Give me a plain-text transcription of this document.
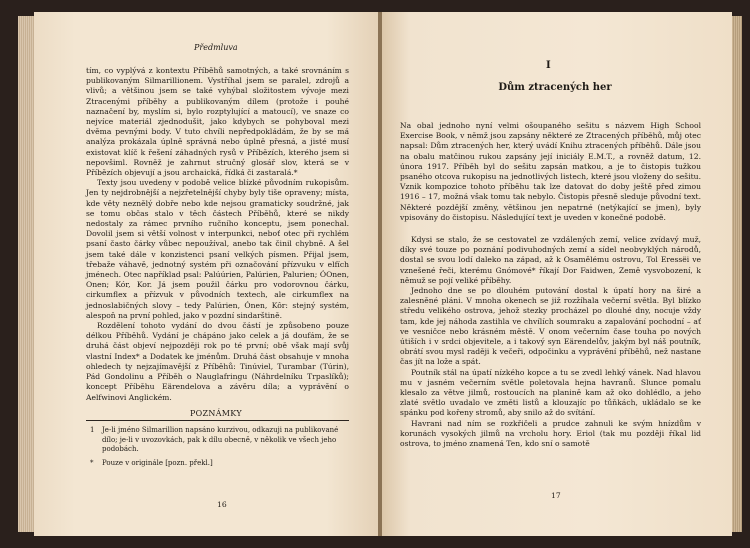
Předmluva

tím, co vyplývá z kontextu Příběhů samotných, a také srovnáním s publikovaným Silmarillionem. Vystříhal jsem se paralel, zdrojů a vlivů; a většinou jsem se také vyhýbal složitostem vývoje mezi Ztracenými příběhy a publikovaným dílem (protože i pouhé naznačení by, myslím si, bylo rozptylující a matoucí), ve snaze co nejvíce materiál zjednodušit, jako kdybych se pohyboval mezi dvěma pevnými body. V tuto chvíli nepředpokládám, že by se má analýza prokázala úplně správná nebo úplně přesná, a jisté musí existovat klíč k řešení záhadných rysů v Příbězích, kterého jsem si nepovšiml. Rovněž je zahrnut stručný glosář slov, která se v Příbězích objevují a jsou archaická, řídká či zastaralá.*

Texty jsou uvedeny v podobě velice blízké původním rukopisům. Jen ty nejdrobnější a nejzřetelnější chyby byly tiše opraveny; místa, kde věty neznělý dobře nebo kde nejsou gramaticky soudržné, jak se tomu občas stalo v těch částech Příběhů, které se nikdy nedostaly za rámec prvního ručního konceptu, jsem ponechal. Dovolil jsem si větší volnost v interpunkci, neboť otec při rychlém psaní často čárky vůbec nepoužíval, anebo tak činil chybně. A šel jsem také dále v konzistenci psaní velkých písmen. Přijal jsem, třebaže váhavě, jednotný systém při označování přízvuku v elfích jménech. Otec například psal: Palúúrien, Palúrien, Palurien; ÓOnen, Onen; Kór, Kor. Já jsem použil čárku pro vodorovnou čárku, cirkumflex a přízvuk v původních textech, ale cirkumflex na jednoslabičných slovy – tedy Palúrien, Ónen, Kôr: stejný systém, alespoň na první pohled, jako v pozdní sindarštině.

Rozdělení tohoto vydání do dvou částí je způsobeno pouze délkou Příběhů. Vydání je chápáno jako celek a já doufám, že se druhá část objeví nejpozději rok po té první; obě však mají svůj vlastní Index* a Dodatek ke jménům. Druhá část obsahuje v mnoha ohledech ty nejzajímavější z Příběhů: Tinúviel, Turambar (Túrin), Pád Gondolinu a Příběh o Nauglafringu (Náhrdelníku Trpaslíků); koncept Příběhu Eärendelova a závěru díla; a vyprávění o Aelfwinovi Anglickém.

POZNÁMKY
1 Je-li jméno Silmarillion napsáno kurzivou, odkazuji na publikované dílo; je-li v uvozovkách, pak k dílu obecně, v několik ve všech jeho podobách.
* Pouze v originále [pozn. překl.]
16
I
Dům ztracených her

Na obal jednoho nyní velmi ošoupaného sešitu s názvem High School Exercise Book, v němž jsou zapsány některé ze Ztracených příběhů, můj otec napsal: Dům ztracených her, který uvádí Knihu ztracených příběhů. Dále jsou na obalu matčinou rukou zapsány její iniciály E.M.T., a rovněž datum, 12. února 1917. Příběh byl do sešitu zapsán matkou, a je to čistopis tužkou psaného otcova rukopisu na jednotlivých listech, které jsou vloženy do sešitu. Vznik kompozice tohoto příběhu tak lze datovat do doby ještě před zimou 1916 – 17, možná však tomu tak nebylo. Čistopis přesně sleduje původní text. Některé pozdější změny, většinou jen nepatrné (netýkající se jmen), byly vpisovány do čistopisu. Následující text je uveden v konečné podobě.

Kdysi se stalo, že se cestovatel ze vzdálených zemí, velice zvídavý muž, díky své touze po poznání podivuhodných zemí a sídel neobvyklých národů, dostal se svou lodí daleko na západ, až k Osamělému ostrovu, Tol Eressëi ve vznešené řeči, kterému Gnómové* říkají Dor Faidwen, Země vysvobození, k němuž se pojí veliké příběhy.

Jednoho dne se po dlouhém putování dostal k úpatí hory na širé a zalesněné pláni. V mnoha okenech se již rozžíhala večerní světla. Byl blízko středu velikého ostrova, jehož stezky procházel po dlouhé dny, nocuje vždy tam, kde jej náhoda zastihla ve chvílích soumraku a zapalování pochodní – ať ve vesničce nebo krásném městě. V onom večerním čase touha po nových útiších i v srdci objevitele, a i takový syn Eärendelův, jakým byl náš poutník, obrátí svou mysl raději k večeři, odpočinku a vyprávění příběhů, než nastane čas jít na lože a spát.

Poutník stál na úpatí nízkého kopce a tu se zvedl lehký vánek. Nad hlavou mu v jasném večerním světle poletovala hejna havranů. Slunce pomalu klesalo za větve jilmů, rostoucích na planině kam až oko dohlédlo, a jeho zlaté světlo uvadalo ve změti listů a klouzajíc po tůňkách, ukládalo se ke spánku pod kořeny stromů, aby snilo až do svítání.

Havrani nad ním se rozkřičeli a prudce zahnuli ke svým hnízdům v korunách vysokých jilmů na vrcholu hory. Eriol (tak mu později říkal lid ostrova, to jméno znamená Ten, kdo sní o samotě

17
